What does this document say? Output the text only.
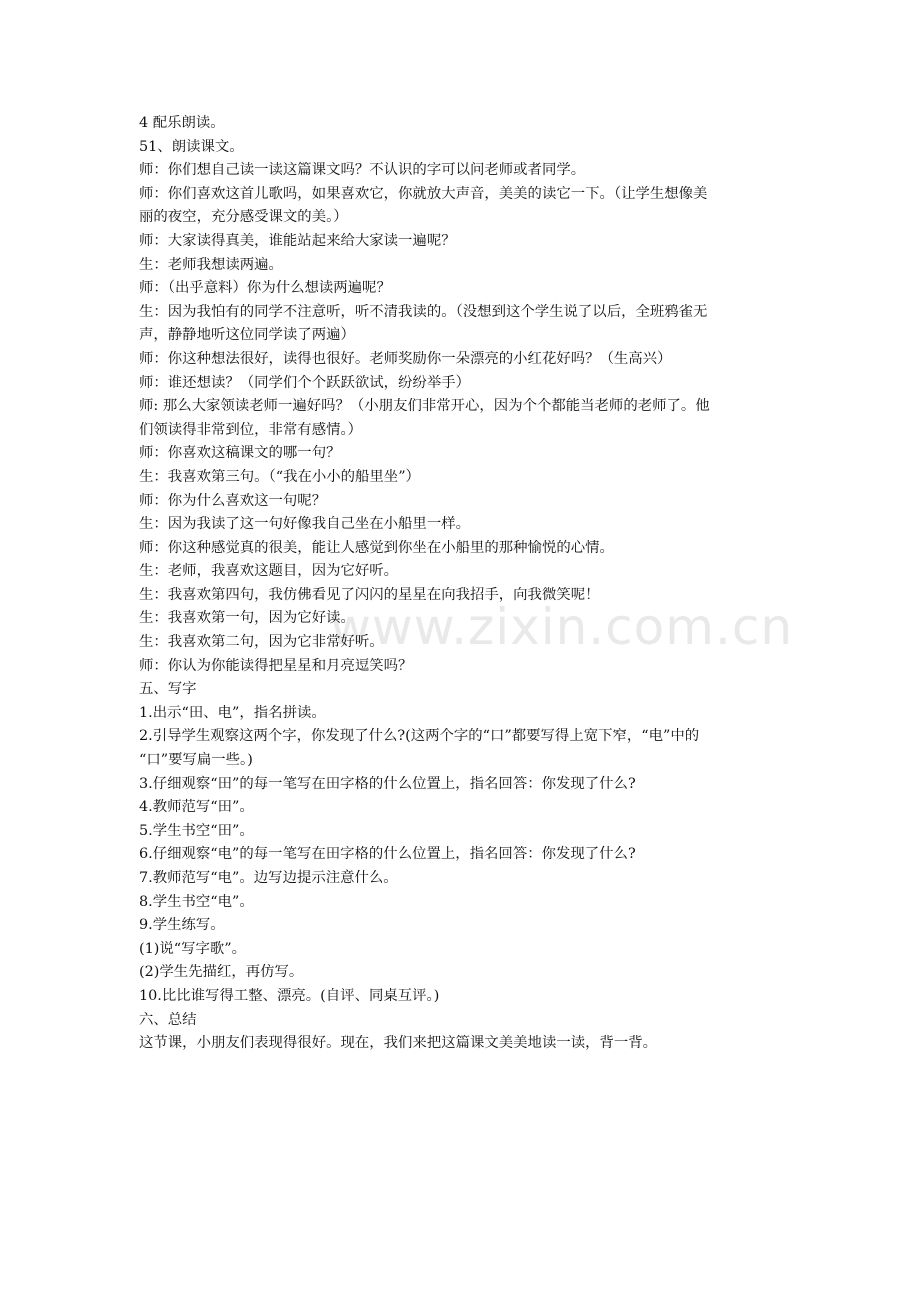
www.zixin.com.cn
4 配乐朗读。
51、朗读课文。
师：你们想自己读一读这篇课文吗？不认识的字可以问老师或者同学。
师：你们喜欢这首儿歌吗，如果喜欢它，你就放大声音，美美的读它一下。（让学生想像美
丽的夜空，充分感受课文的美。）
师：大家读得真美，谁能站起来给大家读一遍呢？
生：老师我想读两遍。
师：（出乎意料）你为什么想读两遍呢？
生：因为我怕有的同学不注意听，听不清我读的。（没想到这个学生说了以后，全班鸦雀无
声，静静地听这位同学读了两遍）
师：你这种想法很好，读得也很好。老师奖励你一朵漂亮的小红花好吗？（生高兴）
师：谁还想读？（同学们个个跃跃欲试，纷纷举手）
师: 那么大家领读老师一遍好吗？（小朋友们非常开心，因为个个都能当老师的老师了。他
们领读得非常到位，非常有感情。）
师：你喜欢这稿课文的哪一句？
生：我喜欢第三句。（“我在小小的船里坐”）
师：你为什么喜欢这一句呢？
生：因为我读了这一句好像我自己坐在小船里一样。
师：你这种感觉真的很美，能让人感觉到你坐在小船里的那种愉悦的心情。
生：老师，我喜欢这题目，因为它好听。
生：我喜欢第四句，我仿佛看见了闪闪的星星在向我招手，向我微笑呢！
生：我喜欢第一句，因为它好读。
生：我喜欢第二句，因为它非常好听。
师：你认为你能读得把星星和月亮逗笑吗？
五、写字
1.出示“田、电”，指名拼读。
2.引导学生观察这两个字，你发现了什么?(这两个字的“口”都要写得上宽下窄，“电”中的
“口”要写扁一些。)
3.仔细观察“田”的每一笔写在田字格的什么位置上，指名回答：你发现了什么?
4.教师范写“田”。
5.学生书空“田”。
6.仔细观察“电”的每一笔写在田字格的什么位置上，指名回答：你发现了什么?
7.教师范写“电”。边写边提示注意什么。
8.学生书空“电”。
9.学生练写。
(1)说“写字歌”。
(2)学生先描红，再仿写。
10.比比谁写得工整、漂亮。(自评、同桌互评。)
六、总结
这节课，小朋友们表现得很好。现在，我们来把这篇课文美美地读一读，背一背。
